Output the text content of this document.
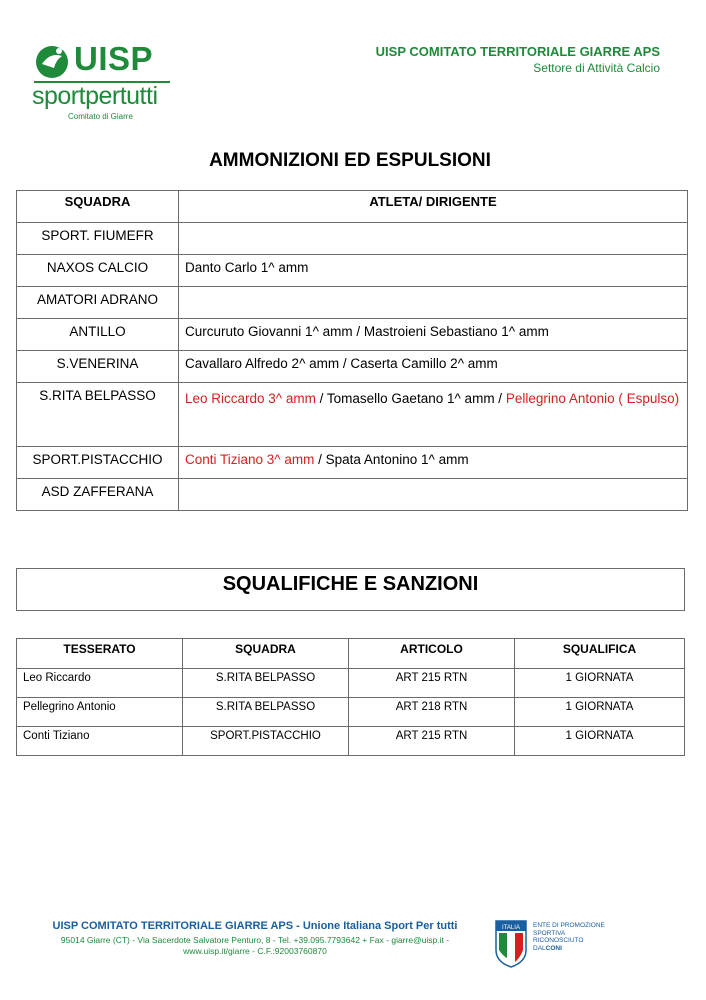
UISP
sportpertutti
Comitato di Giarre
UISP COMITATO TERRITORIALE GIARRE APS
Settore di Attività Calcio
AMMONIZIONI ED ESPULSIONI
SQUADRA	ATLETA/ DIRIGENTE
SPORT. FIUMEFR	
NAXOS CALCIO	Danto Carlo 1^ amm
AMATORI ADRANO	
ANTILLO	Curcuruto Giovanni 1^ amm / Mastroieni Sebastiano 1^ amm
S.VENERINA	Cavallaro Alfredo 2^ amm / Caserta Camillo 2^ amm
S.RITA BELPASSO	Leo Riccardo 3^ amm / Tomasello Gaetano 1^ amm / Pellegrino Antonio ( Espulso)
SPORT.PISTACCHIO	Conti Tiziano 3^ amm / Spata Antonino 1^ amm
ASD ZAFFERANA	
SQUALIFICHE E SANZIONI
TESSERATO	SQUADRA	ARTICOLO	SQUALIFICA
Leo Riccardo	S.RITA BELPASSO	ART 215 RTN	1 GIORNATA
Pellegrino Antonio	S.RITA BELPASSO	ART 218 RTN	1 GIORNATA
Conti Tiziano	SPORT.PISTACCHIO	ART 215 RTN	1 GIORNATA
UISP COMITATO TERRITORIALE GIARRE APS - Unione Italiana Sport Per tutti
95014 Giarre (CT) - Via Sacerdote Salvatore Penturo, 8 - Tel. +39.095.7793642 + Fax - giarre@uisp.it - www.uisp.it/giarre - C.F.:92003760870
ITALIA ENTE DI PROMOZIONE
SPORTIVA
RICONOSCIUTO
DALCONI
